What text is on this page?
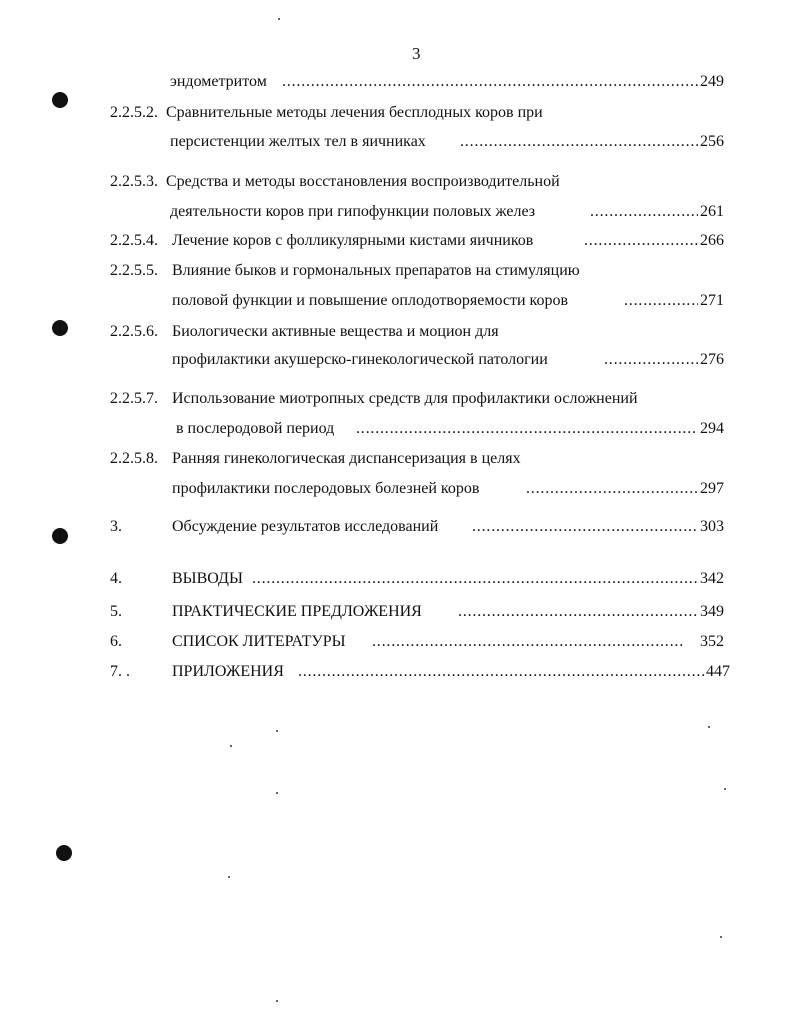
3
эндометритом . . .	249
2.2.5.2. Сравнительные методы лечения бесплодных коров при
персистенции желтых тел в яичниках . . .	256
2.2.5.3. Средства и методы восстановления воспроизводительной
деятельности коров при гипофункции половых желез . . .	261
2.2.5.4. Лечение коров с фолликулярными кистами яичников . . .	266
2.2.5.5. Влияние быков и гормональных препаратов на стимуляцию
половой функции и повышение оплодотворяемости коров . . .	271
2.2.5.6. Биологически активные вещества и моцион для
профилактики акушерско-гинекологической патологии . . .	276
2.2.5.7. Использование миотропных средств для профилактики осложнений
в послеродовой период . . .	294
2.2.5.8. Ранняя гинекологическая диспансеризация в целях
профилактики послеродовых болезней коров . . .	297
3.	Обсуждение результатов исследований . . .	303
4.	ВЫВОДЫ . . .	342
5.	ПРАКТИЧЕСКИЕ ПРЕДЛОЖЕНИЯ . . .	349
6.	СПИСОК ЛИТЕРАТУРЫ . . .	352
7. .	ПРИЛОЖЕНИЯ . . .	447
